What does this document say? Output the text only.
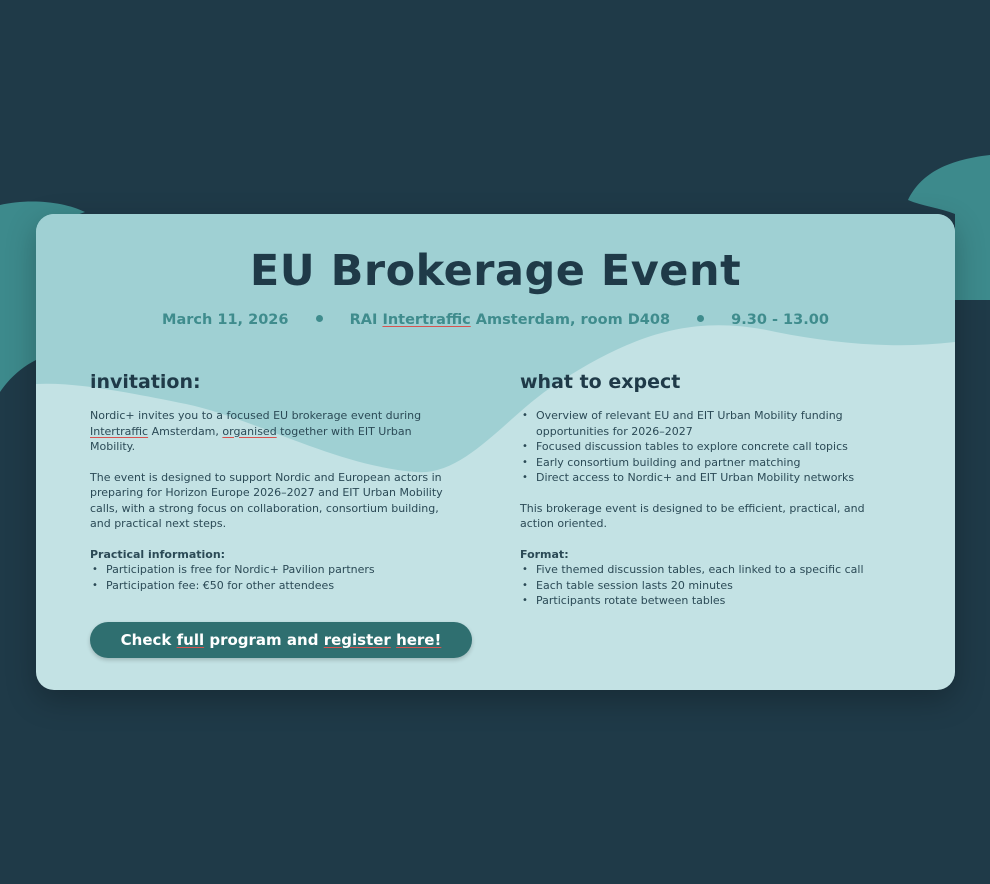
EU Brokerage Event
March 11, 2026	RAI Intertraffic Amsterdam, room D408	9.30 - 13.00
invitation:

Nordic+ invites you to a focused EU brokerage event during Intertraffic Amsterdam, organised together with EIT Urban Mobility.

The event is designed to support Nordic and European actors in preparing for Horizon Europe 2026–2027 and EIT Urban Mobility calls, with a strong focus on collaboration, consortium building, and practical next steps.

Practical information:

• Participation is free for Nordic+ Pavilion partners
• Participation fee: €50 for other attendees
what to expect
• Overview of relevant EU and EIT Urban Mobility funding opportunities for 2026–2027
• Focused discussion tables to explore concrete call topics
• Early consortium building and partner matching
• Direct access to Nordic+ and EIT Urban Mobility networks

This brokerage event is designed to be efficient, practical, and action oriented.

Format:

• Five themed discussion tables, each linked to a specific call
• Each table session lasts 20 minutes
• Participants rotate between tables
Check full program and register here!
